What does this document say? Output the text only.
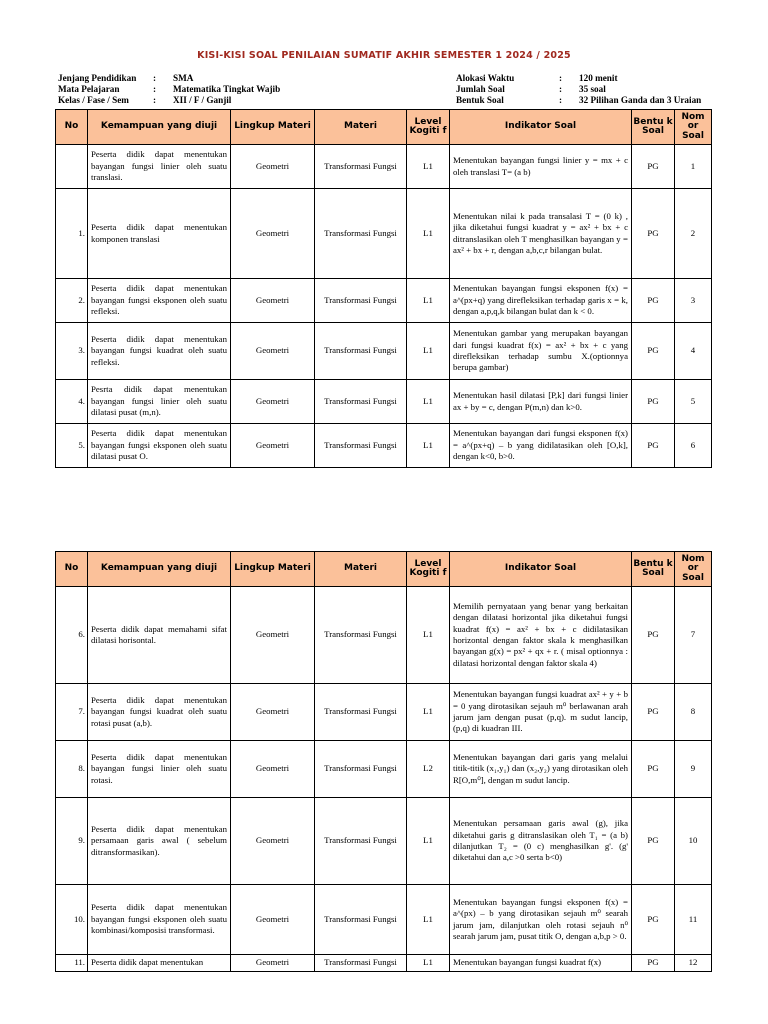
KISI-KISI SOAL PENILAIAN SUMATIF AKHIR SEMESTER 1 2024 / 2025
Jenjang Pendidikan	:	SMA
Mata Pelajaran	:	Matematika Tingkat Wajib
Kelas / Fase / Sem	:	XII / F / Ganjil
Alokasi Waktu	:	120 menit
Jumlah Soal	:	35 soal
Bentuk Soal	:	32 Pilihan Ganda dan 3 Uraian
No	Kemampuan yang diuji	Lingkup Materi	Materi	Level Kogiti f	Indikator Soal	Bentu k Soal	Nom or Soal
	Peserta didik dapat menentukan bayangan fungsi linier oleh suatu translasi.	Geometri	Transformasi Fungsi	L1	Menentukan bayangan fungsi linier y = mx + c oleh translasi T= (a b)	PG	1
1.	Peserta didik dapat menentukan komponen translasi	Geometri	Transformasi Fungsi	L1	Menentukan nilai k pada transalasi T = (0 k) , jika diketahui fungsi kuadrat y = ax² + bx + c ditranslasikan oleh T menghasilkan bayangan y = ax² + bx + r, dengan a,b,c,r bilangan bulat.	PG	2
2.	Peserta didik dapat menentukan bayangan fungsi eksponen oleh suatu refleksi.	Geometri	Transformasi Fungsi	L1	Menentukan bayangan fungsi eksponen f(x) = a^(px+q) yang direfleksikan terhadap garis x = k, dengan a,p,q,k bilangan bulat dan k < 0.	PG	3
3.	Peserta didik dapat menentukan bayangan fungsi kuadrat oleh suatu refleksi.	Geometri	Transformasi Fungsi	L1	Menentukan gambar yang merupakan bayangan dari fungsi kuadrat f(x) = ax² + bx + c yang direfleksikan terhadap sumbu X.(optionnya berupa gambar)	PG	4
4.	Pesrta didik dapat menentukan bayangan fungsi linier oleh suatu dilatasi pusat (m,n).	Geometri	Transformasi Fungsi	L1	Menentukan hasil dilatasi [P,k] dari fungsi linier ax + by = c, dengan P(m,n) dan k>0.	PG	5
5.	Peserta didik dapat menentukan bayangan fungsi eksponen oleh suatu dilatasi pusat O.	Geometri	Transformasi Fungsi	L1	Menentukan bayangan dari fungsi eksponen f(x) = a^(px+q) – b yang didilatasikan oleh [O,k], dengan k<0, b>0.	PG	6
No	Kemampuan yang diuji	Lingkup Materi	Materi	Level Kogiti f	Indikator Soal	Bentu k Soal	Nom or Soal
6.	Peserta didik dapat memahami sifat dilatasi horisontal.	Geometri	Transformasi Fungsi	L1	Memilih pernyataan yang benar yang berkaitan dengan dilatasi horizontal jika diketahui fungsi kuadrat f(x) = ax² + bx + c didilatasikan horizontal dengan faktor skala k menghasilkan bayangan g(x) = px² + qx + r. ( misal optionnya : dilatasi horizontal dengan faktor skala 4)	PG	7
7.	Peserta didik dapat menentukan bayangan fungsi kuadrat oleh suatu rotasi pusat (a,b).	Geometri	Transformasi Fungsi	L1	Menentukan bayangan fungsi kuadrat ax² + y + b = 0 yang dirotasikan sejauh m⁰ berlawanan arah jarum jam dengan pusat (p,q). m sudut lancip, (p,q) di kuadran III.	PG	8
8.	Peserta didik dapat menentukan bayangan fungsi linier oleh suatu rotasi.	Geometri	Transformasi Fungsi	L2	Menentukan bayangan dari garis yang melalui titik-titik (x₁,y₁) dan (x₂,y₂) yang dirotasikan oleh R[O,m⁰], dengan m sudut lancip.	PG	9
9.	Peserta didik dapat menentukan persamaan garis awal ( sebelum ditransformasikan).	Geometri	Transformasi Fungsi	L1	Menentukan persamaan garis awal (g), jika diketahui garis g ditranslasikan oleh T₁ = (a b) dilanjutkan T₂ = (0 c) menghasilkan g'. (g' diketahui dan a,c >0 serta b<0)	PG	10
10.	Peserta didik dapat menentukan bayangan fungsi eksponen oleh suatu kombinasi/komposisi transformasi.	Geometri	Transformasi Fungsi	L1	Menentukan bayangan fungsi eksponen f(x) = a^(px) – b yang dirotasikan sejauh m⁰ searah jarum jam, dilanjutkan oleh rotasi sejauh n⁰ searah jarum jam, pusat titik O, dengan a,b,p > 0.	PG	11
11.	Peserta didik dapat menentukan	Geometri	Transformasi Fungsi	L1	Menentukan bayangan fungsi kuadrat f(x)	PG	12
